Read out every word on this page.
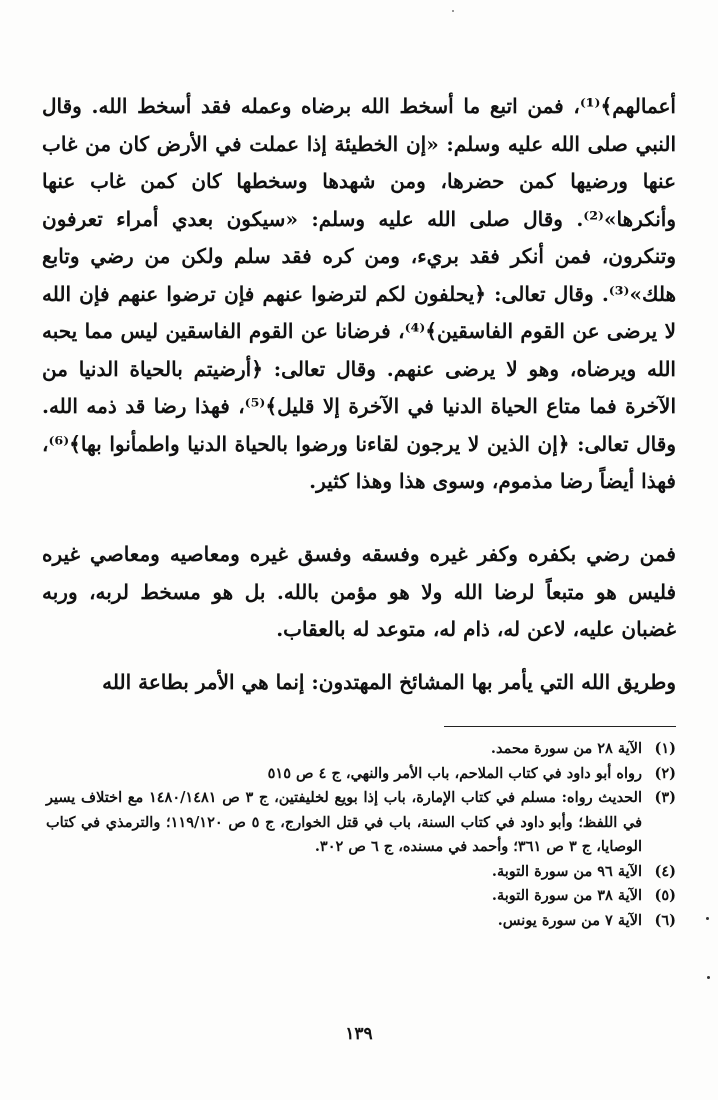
أعمالهم﴾⁽¹⁾، فمن اتبع ما أسخط الله برضاه وعمله فقد أسخط الله. وقال النبي صلى الله عليه وسلم: «إن الخطيئة إذا عملت في الأرض كان من غاب عنها ورضيها كمن حضرها، ومن شهدها وسخطها كان كمن غاب عنها وأنكرها»⁽²⁾. وقال صلى الله عليه وسلم: «سيكون بعدي أمراء تعرفون وتنكرون، فمن أنكر فقد بريء، ومن كره فقد سلم ولكن من رضي وتابع هلك»⁽³⁾. وقال تعالى: ﴿يحلفون لكم لترضوا عنهم فإن ترضوا عنهم فإن الله لا يرضى عن القوم الفاسقين﴾⁽⁴⁾، فرضانا عن القوم الفاسقين ليس مما يحبه الله ويرضاه، وهو لا يرضى عنهم. وقال تعالى: ﴿أرضيتم بالحياة الدنيا من الآخرة فما متاع الحياة الدنيا في الآخرة إلا قليل﴾⁽⁵⁾، فهذا رضا قد ذمه الله. وقال تعالى: ﴿إن الذين لا يرجون لقاءنا ورضوا بالحياة الدنيا واطمأنوا بها﴾⁽⁶⁾، فهذا أيضاً رضا مذموم، وسوى هذا وهذا كثير.

فمن رضي بكفره وكفر غيره وفسقه وفسق غيره ومعاصيه ومعاصي غيره فليس هو متبعاً لرضا الله ولا هو مؤمن بالله. بل هو مسخط لربه، وربه غضبان عليه، لاعن له، ذام له، متوعد له بالعقاب.

وطريق الله التي يأمر بها المشائخ المهتدون: إنما هي الأمر بطاعة الله

(١)
الآية ٢٨ من سورة محمد.
(٢)
رواه أبو داود في كتاب الملاحم، باب الأمر والنهي، ج ٤ ص ٥١٥
(٣)
الحديث رواه: مسلم في كتاب الإمارة، باب إذا بويع لخليفتين، ج ٣ ص ١٤٨٠/١٤٨١ مع اختلاف يسير في اللفظ؛ وأبو داود في كتاب السنة، باب في قتل الخوارج، ج ٥ ص ١١٩/١٢٠؛ والترمذي في كتاب الوصايا، ج ٣ ص ٣٦١؛ وأحمد في مسنده، ج ٦ ص ٣٠٢.
(٤)
الآية ٩٦ من سورة التوبة.
(٥)
الآية ٣٨ من سورة التوبة.
(٦)
الآية ٧ من سورة يونس.
١٣٩
